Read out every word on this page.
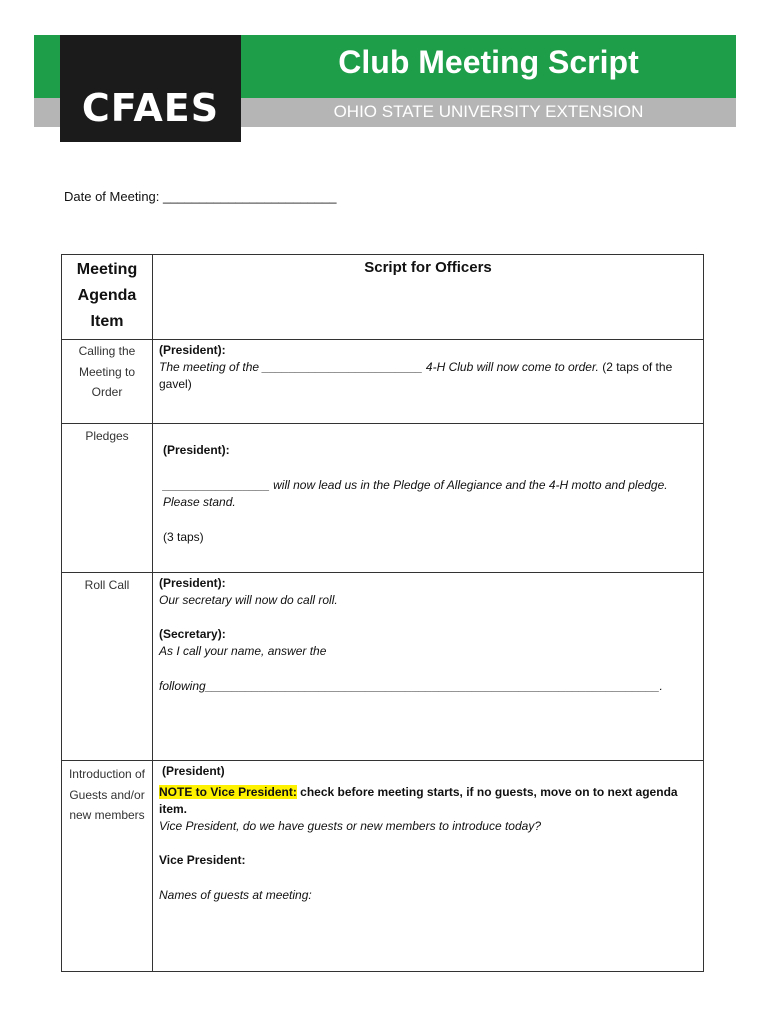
CFAES
Club Meeting Script
OHIO STATE UNIVERSITY EXTENSION
Date of Meeting: ________________________
Meeting Agenda Item	Script for Officers
Calling the Meeting to Order	(President):

The meeting of the ________________________ 4-H Club will now come to order. (2 taps of the gavel)

Pledges	(President):

________________ will now lead us in the Pledge of Allegiance and the 4-H motto and pledge. Please stand.

(3 taps)

Roll Call	(President):

Our secretary will now do call roll.

(Secretary):

As I call your name, answer the

following____________________________________________________________________.

Introduction of Guests and/or new members	(President)

NOTE to Vice President: check before meeting starts, if no guests, move on to next agenda item.

Vice President, do we have guests or new members to introduce today?

Vice President:

Names of guests at meeting:
